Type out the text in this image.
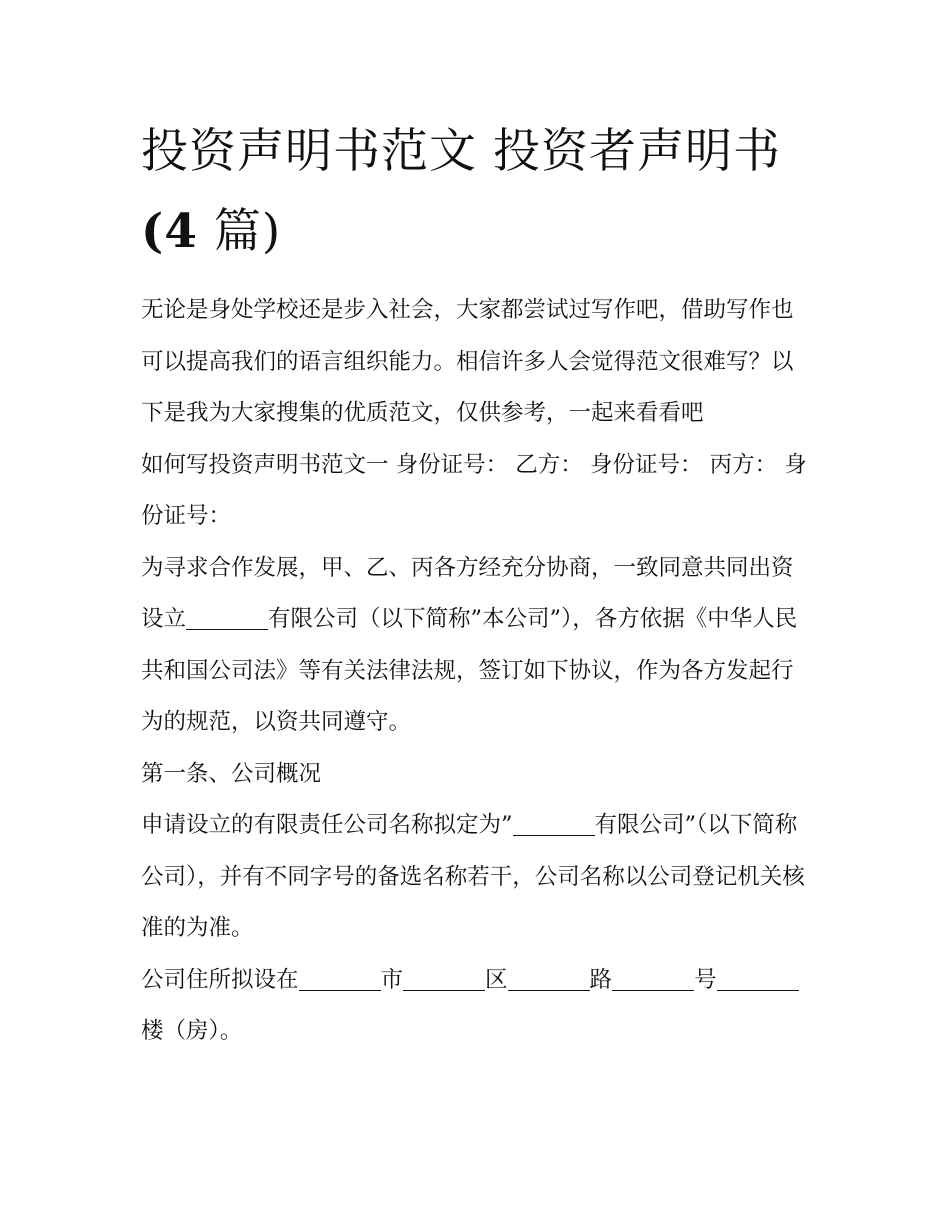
投资声明书范文 投资者声明书
(4 篇)

无论是身处学校还是步入社会，大家都尝试过写作吧，借助写作也可以提高我们的语言组织能力。相信许多人会觉得范文很难写？以下是我为大家搜集的优质范文，仅供参考，一起来看看吧

如何写投资声明书范文一 身份证号： 乙方： 身份证号： 丙方： 身份证号：

为寻求合作发展，甲、乙、丙各方经充分协商，一致同意共同出资设立	有限公司（以下简称”本公司”），各方依据《中华人民共和国公司法》等有关法律法规，签订如下协议，作为各方发起行为的规范，以资共同遵守。

第一条、公司概况

申请设立的有限责任公司名称拟定为”	有限公司”（以下简称公司），并有不同字号的备选名称若干，公司名称以公司登记机关核准的为准。

公司住所拟设在	市	区	路	号楼（房）。
